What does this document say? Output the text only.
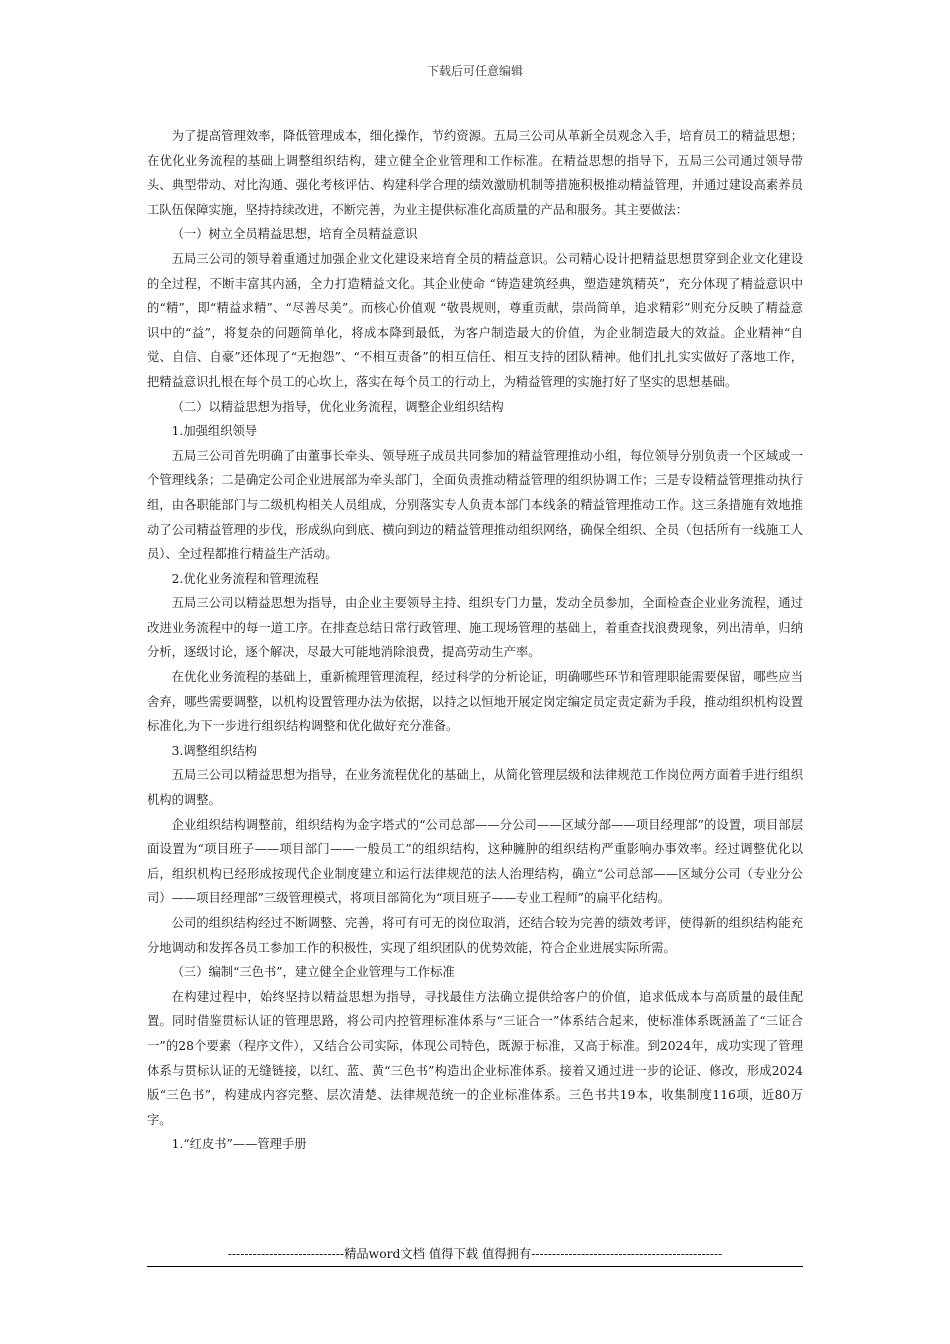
下载后可任意编辑

为了提高管理效率，降低管理成本，细化操作，节约资源。五局三公司从革新全员观念入手，培育员工的精益思想；在优化业务流程的基础上调整组织结构，建立健全企业管理和工作标准。在精益思想的指导下，五局三公司通过领导带头、典型带动、对比沟通、强化考核评估、构建科学合理的绩效激励机制等措施积极推动精益管理，并通过建设高素养员工队伍保障实施，坚持持续改进，不断完善，为业主提供标准化高质量的产品和服务。其主要做法：

（一）树立全员精益思想，培育全员精益意识

五局三公司的领导着重通过加强企业文化建设来培育全员的精益意识。公司精心设计把精益思想贯穿到企业文化建设的全过程，不断丰富其内涵，全力打造精益文化。其企业使命 “铸造建筑经典，塑造建筑精英”，充分体现了精益意识中的“精”，即“精益求精”、“尽善尽美”。而核心价值观 “敬畏规则，尊重贡献，崇尚简单，追求精彩”则充分反映了精益意识中的“益”，将复杂的问题简单化，将成本降到最低，为客户制造最大的价值，为企业制造最大的效益。企业精神“自觉、自信、自豪”还体现了“无抱怨”、“不相互责备”的相互信任、相互支持的团队精神。他们扎扎实实做好了落地工作，把精益意识扎根在每个员工的心坎上，落实在每个员工的行动上，为精益管理的实施打好了坚实的思想基础。

（二）以精益思想为指导，优化业务流程，调整企业组织结构

1.加强组织领导

五局三公司首先明确了由董事长牵头、领导班子成员共同参加的精益管理推动小组，每位领导分别负责一个区域或一个管理线条；二是确定公司企业进展部为牵头部门，全面负责推动精益管理的组织协调工作；三是专设精益管理推动执行组，由各职能部门与二级机构相关人员组成，分别落实专人负责本部门本线条的精益管理推动工作。这三条措施有效地推动了公司精益管理的步伐，形成纵向到底、横向到边的精益管理推动组织网络，确保全组织、全员（包括所有一线施工人员）、全过程都推行精益生产活动。

2.优化业务流程和管理流程

五局三公司以精益思想为指导，由企业主要领导主持、组织专门力量，发动全员参加，全面检查企业业务流程，通过改进业务流程中的每一道工序。在排查总结日常行政管理、施工现场管理的基础上，着重查找浪费现象，列出清单，归纳分析，逐级讨论，逐个解决，尽最大可能地消除浪费，提高劳动生产率。

在优化业务流程的基础上，重新梳理管理流程，经过科学的分析论证，明确哪些环节和管理职能需要保留，哪些应当舍弃，哪些需要调整，以机构设置管理办法为依据，以持之以恒地开展定岗定编定员定责定薪为手段，推动组织机构设置标准化,为下一步进行组织结构调整和优化做好充分准备。

3.调整组织结构

五局三公司以精益思想为指导，在业务流程优化的基础上，从简化管理层级和法律规范工作岗位两方面着手进行组织机构的调整。

企业组织结构调整前，组织结构为金字塔式的“公司总部——分公司——区域分部——项目经理部”的设置，项目部层面设置为“项目班子——项目部门——一般员工”的组织结构，这种臃肿的组织结构严重影响办事效率。经过调整优化以后，组织机构已经形成按现代企业制度建立和运行法律规范的法人治理结构，确立“公司总部——区域分公司（专业分公司）——项目经理部”三级管理模式，将项目部简化为“项目班子——专业工程师”的扁平化结构。

公司的组织结构经过不断调整、完善，将可有可无的岗位取消，还结合较为完善的绩效考评，使得新的组织结构能充分地调动和发挥各员工参加工作的积极性，实现了组织团队的优势效能，符合企业进展实际所需。

（三）编制“三色书”，建立健全企业管理与工作标准

在构建过程中，始终坚持以精益思想为指导，寻找最佳方法确立提供给客户的价值，追求低成本与高质量的最佳配置。同时借鉴贯标认证的管理思路，将公司内控管理标准体系与“三证合一”体系结合起来，使标准体系既涵盖了“三证合一”的28个要素（程序文件），又结合公司实际，体现公司特色，既源于标准，又高于标准。到2024年，成功实现了管理体系与贯标认证的无缝链接，以红、蓝、黄“三色书”构造出企业标准体系。接着又通过进一步的论证、修改，形成2024版“三色书”，构建成内容完整、层次清楚、法律规范统一的企业标准体系。三色书共19本，收集制度116项，近80万字。

1.“红皮书”——管理手册

----------------------------精品word文档 值得下载 值得拥有----------------------------------------------
